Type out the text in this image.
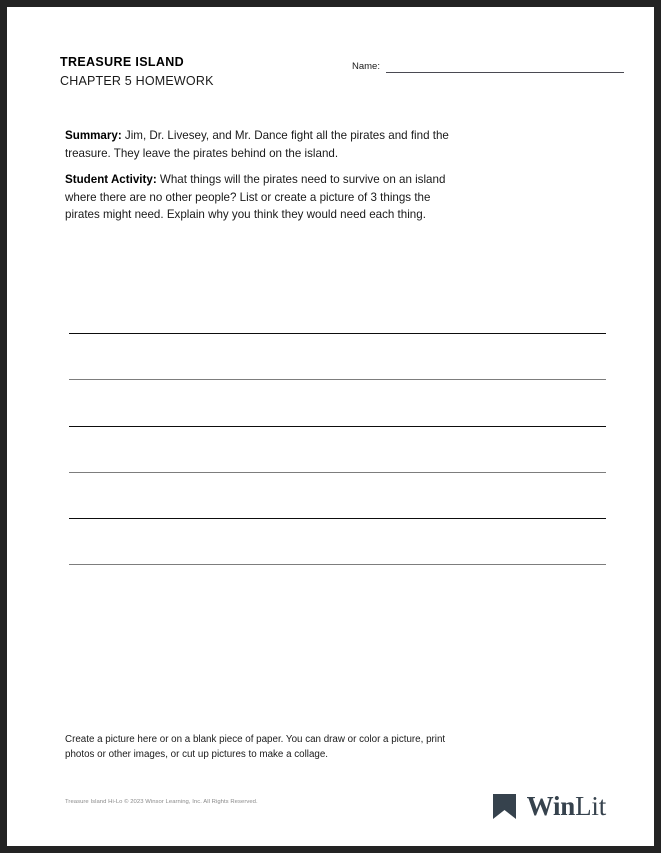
TREASURE ISLAND
CHAPTER 5 HOMEWORK
Name:
Summary: Jim, Dr. Livesey, and Mr. Dance fight all the pirates and find the treasure. They leave the pirates behind on the island.
Student Activity: What things will the pirates need to survive on an island where there are no other people? List or create a picture of 3 things the pirates might need. Explain why you think they would need each thing.
Create a picture here or on a blank piece of paper. You can draw or color a picture, print photos or other images, or cut up pictures to make a collage.
Treasure Island Hi-Lo © 2023 Winsor Learning, Inc. All Rights Reserved.	WinLit
